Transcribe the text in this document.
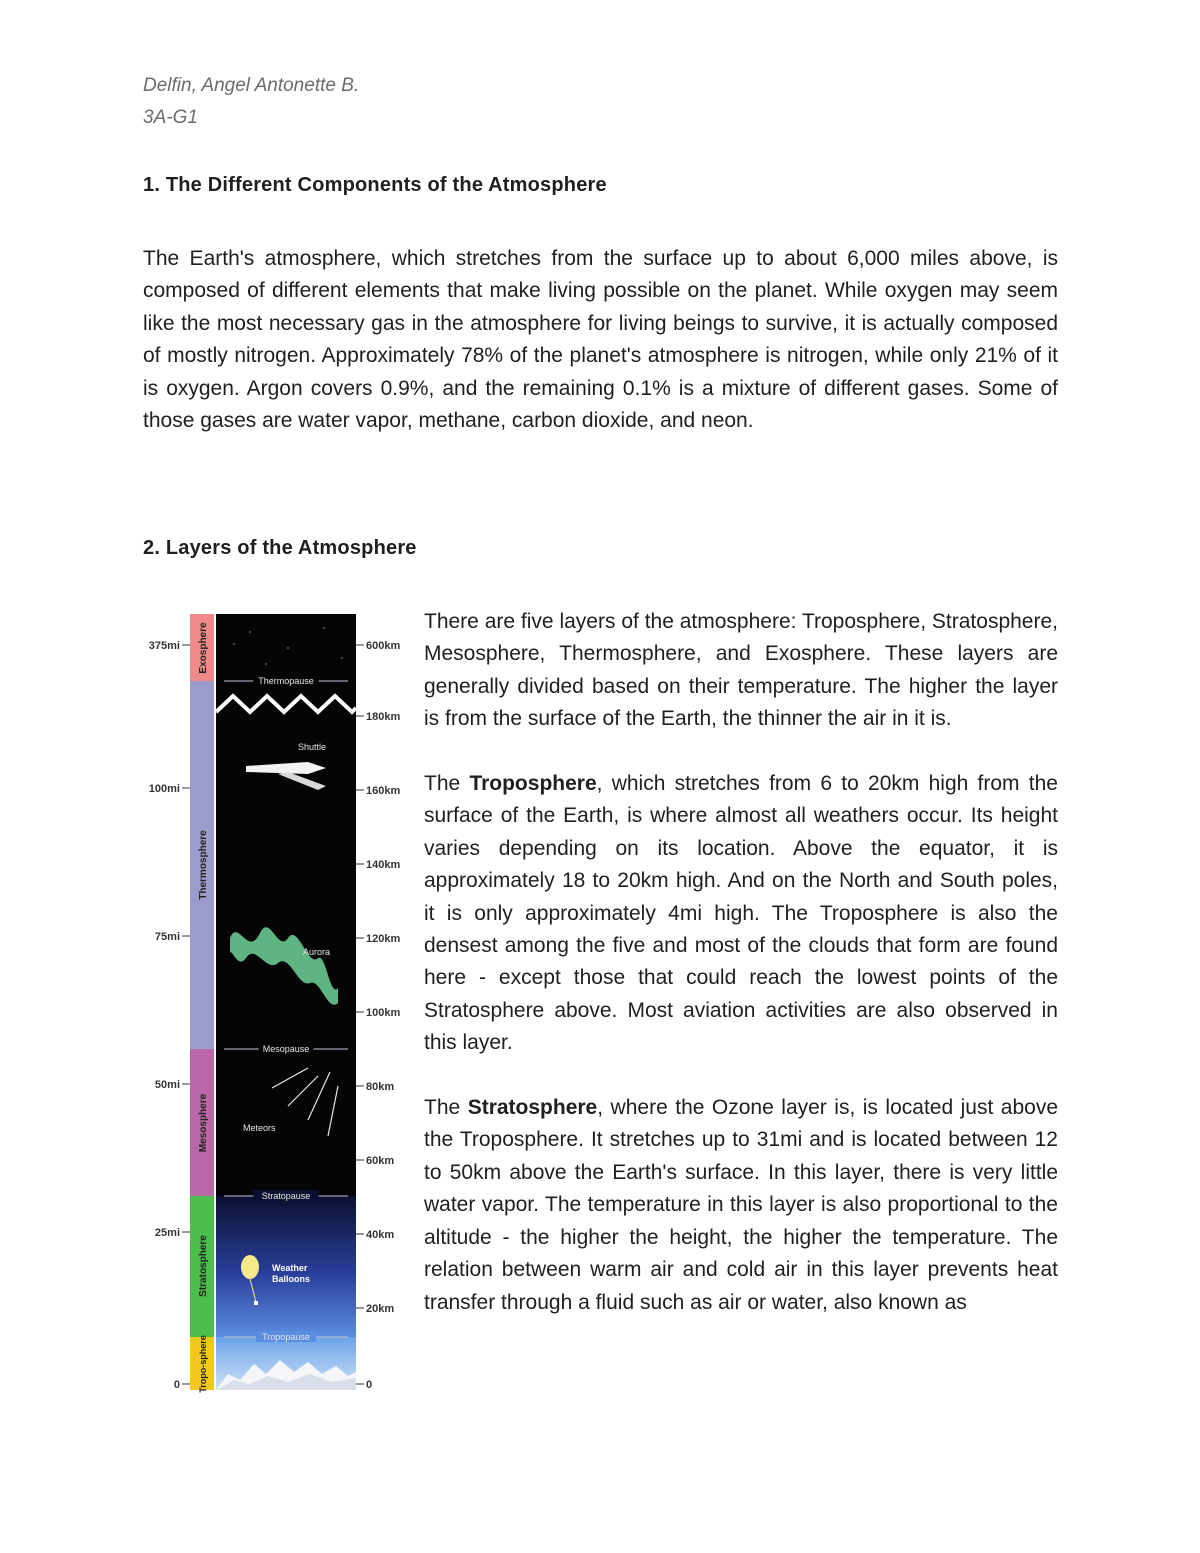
Delfin, Angel Antonette B.
3A-G1
1. The Different Components of the Atmosphere

The Earth's atmosphere, which stretches from the surface up to about 6,000 miles above, is composed of different elements that make living possible on the planet. While oxygen may seem like the most necessary gas in the atmosphere for living beings to survive, it is actually composed of mostly nitrogen. Approximately 78% of the planet's atmosphere is nitrogen, while only 21% of it is oxygen. Argon covers 0.9%, and the remaining 0.1% is a mixture of different gases. Some of those gases are water vapor, methane, carbon dioxide, and neon.

2. Layers of the Atmosphere
Exosphere
Thermosphere
Mesosphere
Stratosphere
Tropo-sphere
Thermopause
Mesopause
Stratopause
Tropopause
Shuttle
Aurora
Meteors
Weather
Balloons
375mi
100mi
75mi
50mi
25mi
0
600km
180km
160km
140km
120km
100km
80km
60km
40km
20km
0

There are five layers of the atmosphere: Troposphere, Stratosphere, Mesosphere, Thermosphere, and Exosphere. These layers are generally divided based on their temperature. The higher the layer is from the surface of the Earth, the thinner the air in it is.

The Troposphere, which stretches from 6 to 20km high from the surface of the Earth, is where almost all weathers occur. Its height varies depending on its location. Above the equator, it is approximately 18 to 20km high. And on the North and South poles, it is only approximately 4mi high. The Troposphere is also the densest among the five and most of the clouds that form are found here - except those that could reach the lowest points of the Stratosphere above. Most aviation activities are also observed in this layer.

The Stratosphere, where the Ozone layer is, is located just above the Troposphere. It stretches up to 31mi and is located between 12 to 50km above the Earth's surface. In this layer, there is very little water vapor. The temperature in this layer is also proportional to the altitude - the higher the height, the higher the temperature. The relation between warm air and cold air in this layer prevents heat transfer through a fluid such as air or water, also known as
